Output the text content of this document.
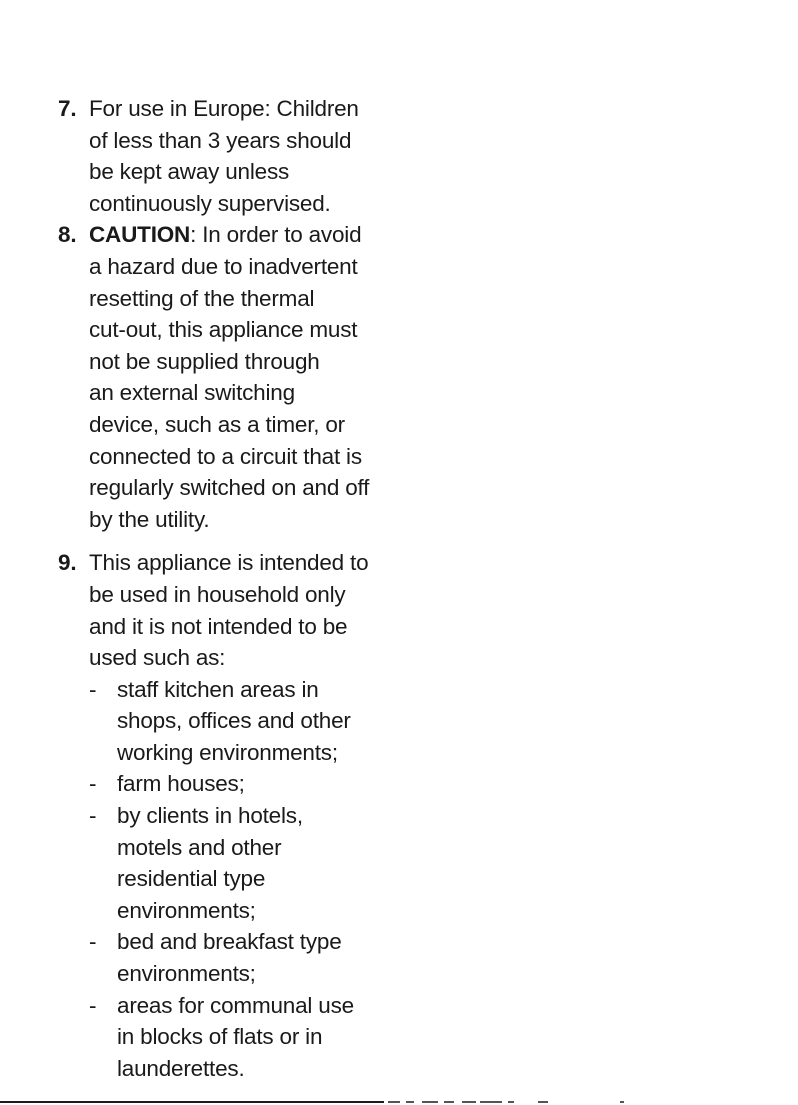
7. For use in Europe: Children
of less than 3 years should
be kept away unless
continuously supervised.
8. CAUTION: In order to avoid
a hazard due to inadvertent
resetting of the thermal
cut-out, this appliance must
not be supplied through
an external switching
device, such as a timer, or
connected to a circuit that is
regularly switched on and off
by the utility.
9. This appliance is intended to
be used in household only
and it is not intended to be
used such as:
- staff kitchen areas in
shops, offices and other
working environments;
- farm houses;
- by clients in hotels,
motels and other
residential type
environments;
- bed and breakfast type
environments;
- areas for communal use
in blocks of flats or in
launderettes.
